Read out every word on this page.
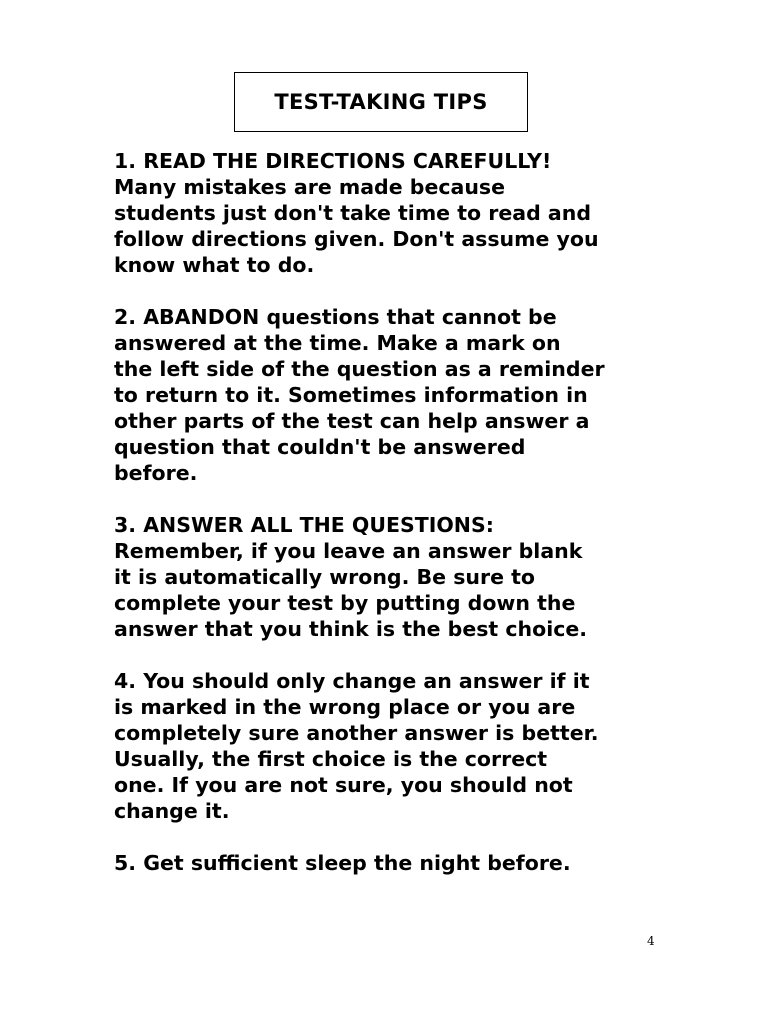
TEST-TAKING TIPS
1. READ THE DIRECTIONS CAREFULLY!
Many mistakes are made because
students just don't take time to read and
follow directions given. Don't assume you
know what to do.
2. ABANDON questions that cannot be
answered at the time. Make a mark on
the left side of the question as a reminder
to return to it. Sometimes information in
other parts of the test can help answer a
question that couldn't be answered
before.
3. ANSWER ALL THE QUESTIONS:
Remember, if you leave an answer blank
it is automatically wrong. Be sure to
complete your test by putting down the
answer that you think is the best choice.
4. You should only change an answer if it
is marked in the wrong place or you are
completely sure another answer is better.
Usually, the first choice is the correct
one. If you are not sure, you should not
change it.
5. Get sufficient sleep the night before.
4
